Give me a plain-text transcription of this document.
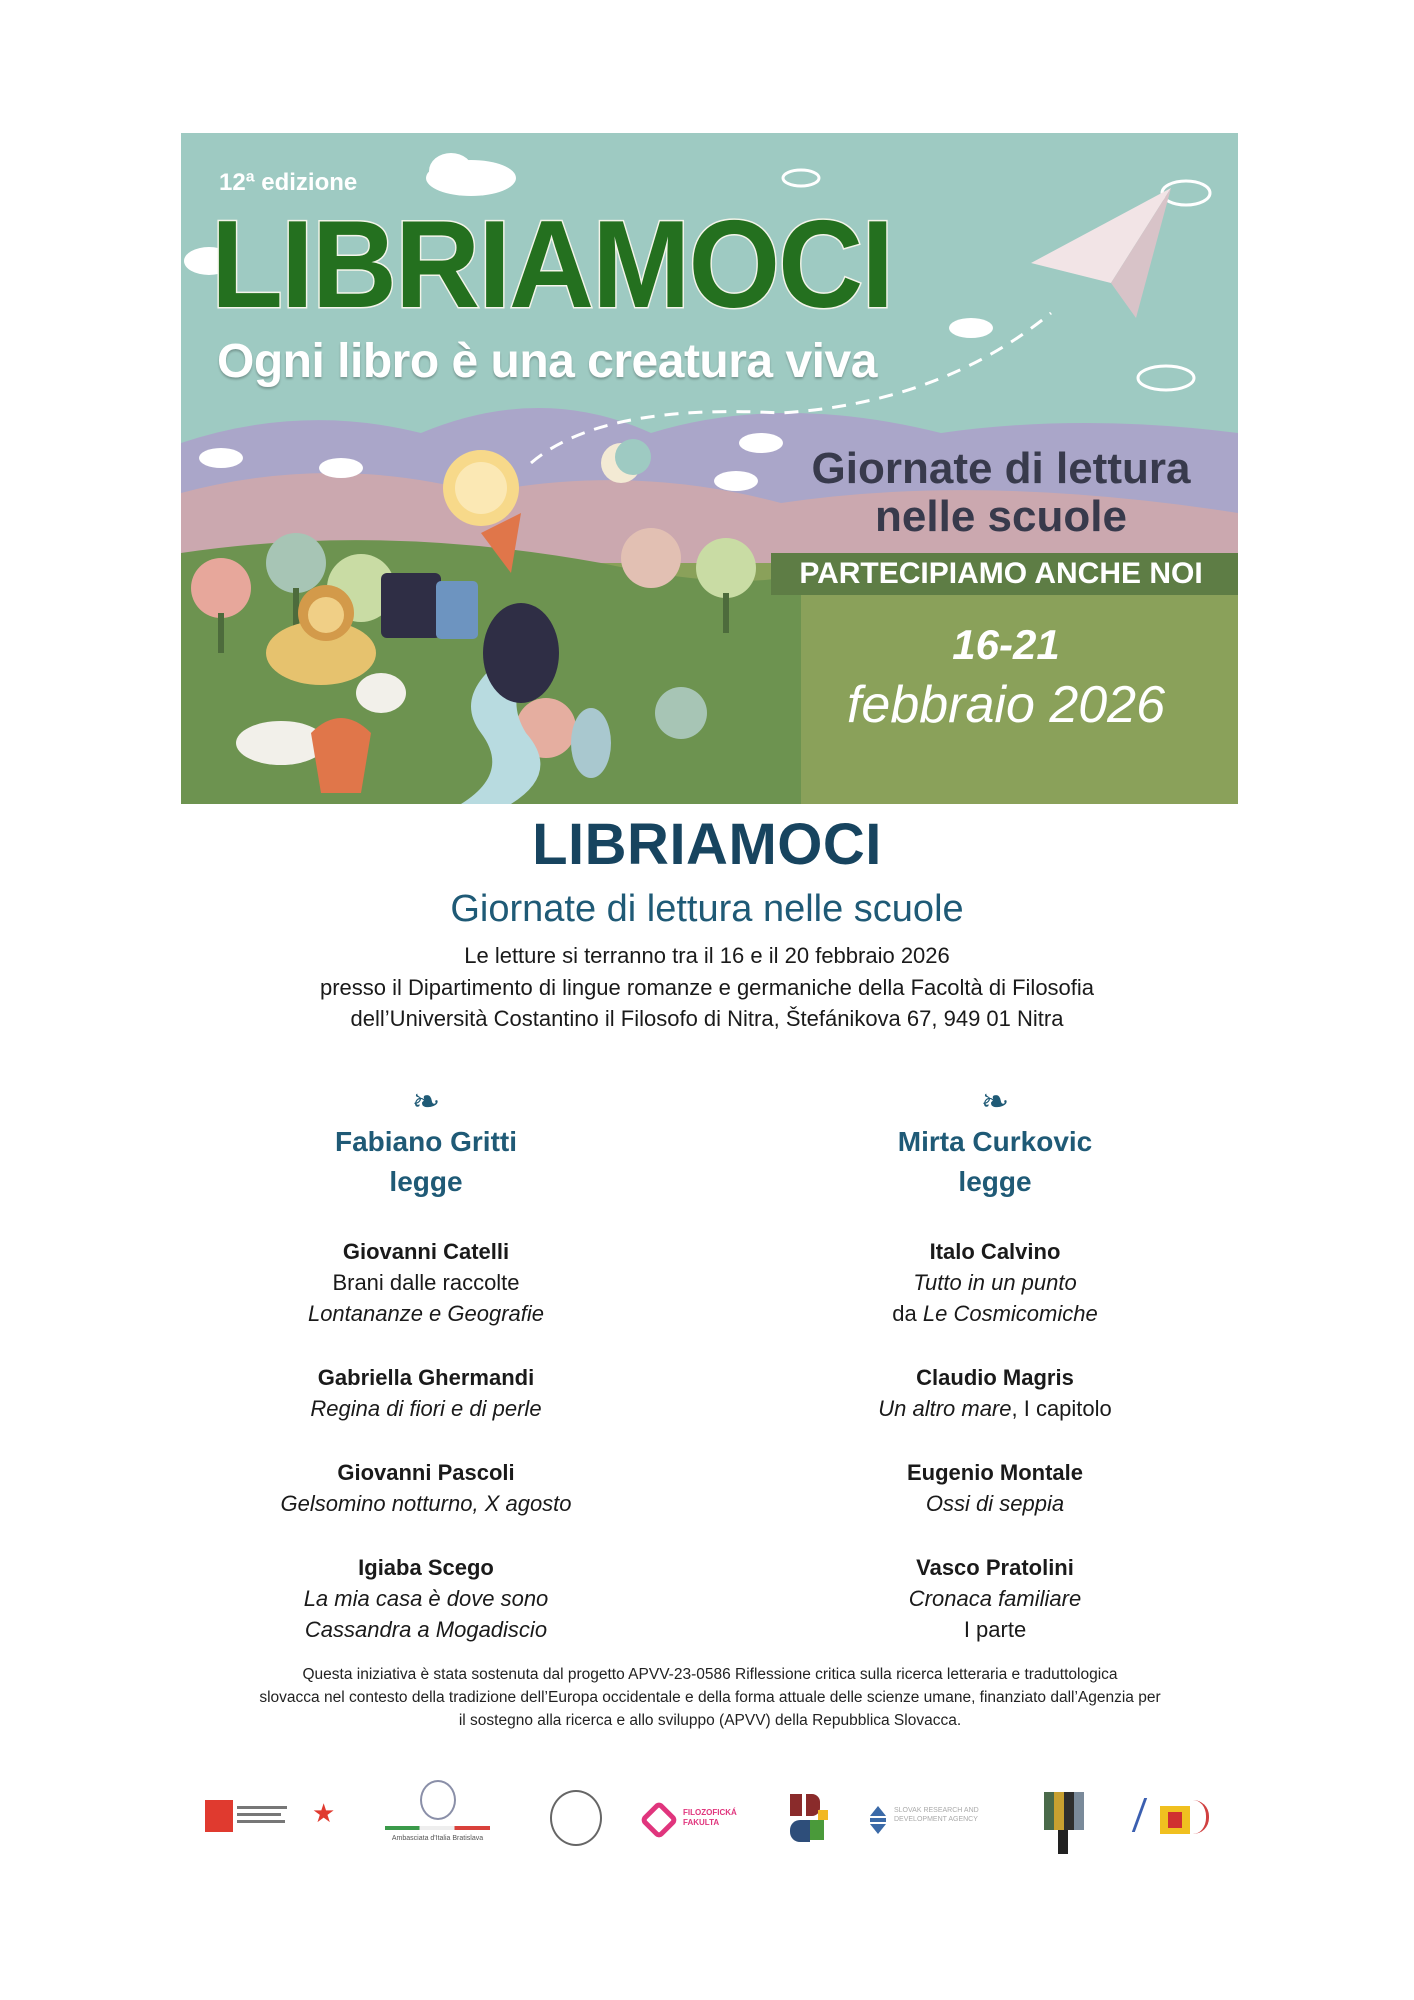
12ª edizione
LIBRIAMOCI
Ogni libro è una creatura viva
Giornate di lettura
nelle scuole
PARTECIPIAMO ANCHE NOI
16-21
febbraio 2026
LIBRIAMOCI
Giornate di lettura nelle scuole
Le letture si terranno tra il 16 e il 20 febbraio 2026
presso il Dipartimento di lingue romanze e germaniche della Facoltà di Filosofia
dell’Università Costantino il Filosofo di Nitra, Štefánikova 67, 949 01 Nitra
❧
Fabiano Gritti
legge
Giovanni Catelli
Brani dalle raccolte
Lontananze e Geografie
Gabriella Ghermandi
Regina di fiori e di perle
Giovanni Pascoli
Gelsomino notturno, X agosto
Igiaba Scego
La mia casa è dove sono
Cassandra a Mogadiscio
❧
Mirta Curkovic
legge
Italo Calvino
Tutto in un punto
da Le Cosmicomiche
Claudio Magris
Un altro mare, I capitolo
Eugenio Montale
Ossi di seppia
Vasco Pratolini
Cronaca familiare
I parte
Questa iniziativa è stata sostenuta dal progetto APVV-23-0586 Riflessione critica sulla ricerca letteraria e traduttologica
slovacca nel contesto della tradizione dell’Europa occidentale e della forma attuale delle scienze umane, finanziato dall’Agenzia per
il sostegno alla ricerca e allo sviluppo (APVV) della Repubblica Slovacca.
★
Ambasciata d'Italia Bratislava
FILOZOFICKÁ FAKULTA
SLOVAK RESEARCH AND DEVELOPMENT AGENCY
